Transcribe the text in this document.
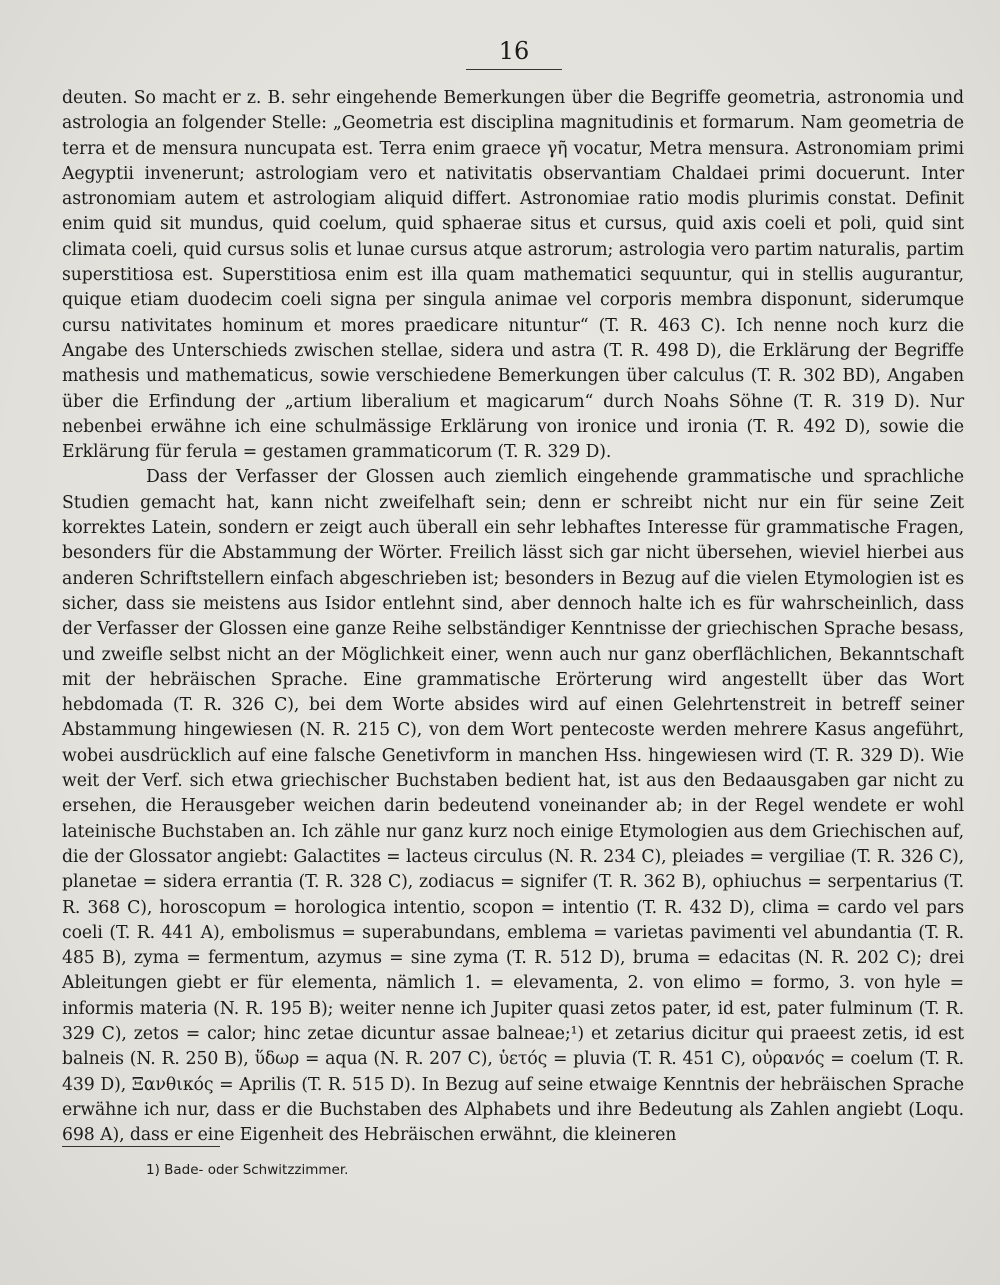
16

deuten. So macht er z. B. sehr eingehende Bemerkungen über die Begriffe geometria, astronomia und astrologia an folgender Stelle: „Geometria est disciplina magnitudinis et formarum. Nam geometria de terra et de mensura nuncupata est. Terra enim graece γῆ vocatur, Metra mensura. Astronomiam primi Aegyptii invenerunt; astrologiam vero et nativitatis observantiam Chaldaei primi docuerunt. Inter astronomiam autem et astrologiam aliquid differt. Astronomiae ratio modis plurimis constat. Definit enim quid sit mundus, quid coelum, quid sphaerae situs et cursus, quid axis coeli et poli, quid sint climata coeli, quid cursus solis et lunae cursus atque astrorum; astrologia vero partim naturalis, partim superstitiosa est. Superstitiosa enim est illa quam mathematici sequuntur, qui in stellis augurantur, quique etiam duodecim coeli signa per singula animae vel corporis membra disponunt, siderumque cursu nativitates hominum et mores praedicare nituntur“ (T. R. 463 C). Ich nenne noch kurz die Angabe des Unterschieds zwischen stellae, sidera und astra (T. R. 498 D), die Erklärung der Begriffe mathesis und mathematicus, sowie verschiedene Bemerkungen über calculus (T. R. 302 BD), Angaben über die Erfindung der „artium liberalium et magicarum“ durch Noahs Söhne (T. R. 319 D). Nur nebenbei erwähne ich eine schulmässige Erklärung von ironice und ironia (T. R. 492 D), sowie die Erklärung für ferula = gestamen grammaticorum (T. R. 329 D).

Dass der Verfasser der Glossen auch ziemlich eingehende grammatische und sprachliche Studien gemacht hat, kann nicht zweifelhaft sein; denn er schreibt nicht nur ein für seine Zeit korrektes Latein, sondern er zeigt auch überall ein sehr lebhaftes Interesse für grammatische Fragen, besonders für die Abstammung der Wörter. Freilich lässt sich gar nicht übersehen, wieviel hierbei aus anderen Schriftstellern einfach abgeschrieben ist; besonders in Bezug auf die vielen Etymologien ist es sicher, dass sie meistens aus Isidor entlehnt sind, aber dennoch halte ich es für wahrscheinlich, dass der Verfasser der Glossen eine ganze Reihe selbständiger Kenntnisse der griechischen Sprache besass, und zweifle selbst nicht an der Möglichkeit einer, wenn auch nur ganz oberflächlichen, Bekanntschaft mit der hebräischen Sprache. Eine grammatische Erörterung wird angestellt über das Wort hebdomada (T. R. 326 C), bei dem Worte absides wird auf einen Gelehrtenstreit in betreff seiner Abstammung hingewiesen (N. R. 215 C), von dem Wort pentecoste werden mehrere Kasus angeführt, wobei ausdrücklich auf eine falsche Genetivform in manchen Hss. hingewiesen wird (T. R. 329 D). Wie weit der Verf. sich etwa griechischer Buchstaben bedient hat, ist aus den Bedaausgaben gar nicht zu ersehen, die Herausgeber weichen darin bedeutend voneinander ab; in der Regel wendete er wohl lateinische Buchstaben an. Ich zähle nur ganz kurz noch einige Etymologien aus dem Griechischen auf, die der Glossator angiebt: Galactites = lacteus circulus (N. R. 234 C), pleiades = vergiliae (T. R. 326 C), planetae = sidera errantia (T. R. 328 C), zodiacus = signifer (T. R. 362 B), ophiuchus = serpentarius (T. R. 368 C), horoscopum = horologica intentio, scopon = intentio (T. R. 432 D), clima = cardo vel pars coeli (T. R. 441 A), embolismus = superabundans, emblema = varietas pavimenti vel abundantia (T. R. 485 B), zyma = fermentum, azymus = sine zyma (T. R. 512 D), bruma = edacitas (N. R. 202 C); drei Ableitungen giebt er für elementa, nämlich 1. = elevamenta, 2. von elimo = formo, 3. von hyle = informis materia (N. R. 195 B); weiter nenne ich Jupiter quasi zetos pater, id est, pater fulminum (T. R. 329 C), zetos = calor; hinc zetae dicuntur assae balneae;¹) et zetarius dicitur qui praeest zetis, id est balneis (N. R. 250 B), ὕδωρ = aqua (N. R. 207 C), ὑετός = pluvia (T. R. 451 C), οὐρανός = coelum (T. R. 439 D), Ξανθικός = Aprilis (T. R. 515 D). In Bezug auf seine etwaige Kenntnis der hebräischen Sprache erwähne ich nur, dass er die Buchstaben des Alphabets und ihre Bedeutung als Zahlen angiebt (Loqu. 698 A), dass er eine Eigenheit des Hebräischen erwähnt, die kleineren

1) Bade- oder Schwitzzimmer.
